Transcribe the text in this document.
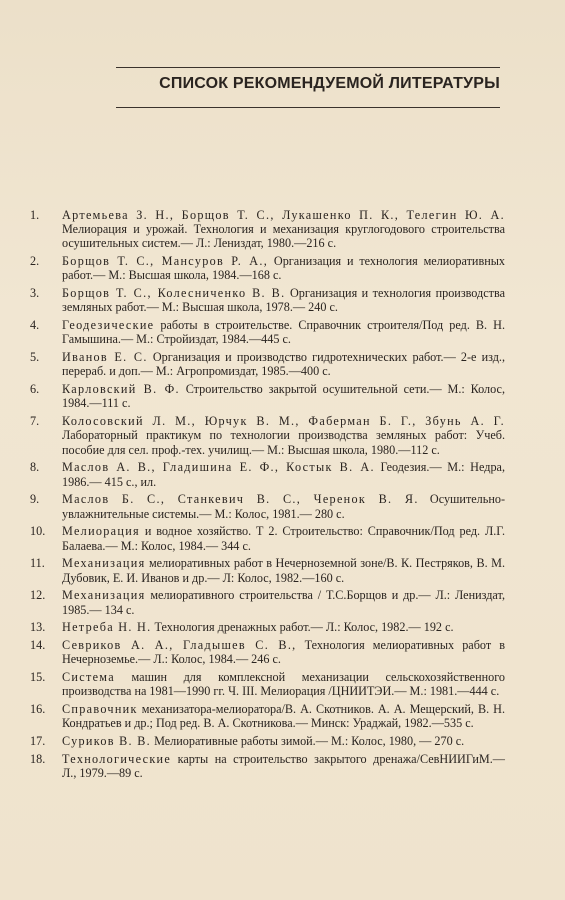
СПИСОК РЕКОМЕНДУЕМОЙ ЛИТЕРАТУРЫ
1. Артемьева З. Н., Борщов Т. С., Лукашенко П. К., Телегин Ю. А. Мелиорация и урожай. Технология и механизация круглогодового строительства осушительных систем.— Л.: Лениздат, 1980.—216 с.
2. Борщов Т. С., Мансуров Р. А., Организация и технология мелиоративных работ.— М.: Высшая школа, 1984.—168 с.
3. Борщов Т. С., Колесниченко В. В. Организация и технология производства земляных работ.— М.: Высшая школа, 1978.— 240 с.
4. Геодезические работы в строительстве. Справочник строителя/Под ред. В. Н. Гамышина.— М.: Стройиздат, 1984.—445 с.
5. Иванов Е. С. Организация и производство гидротехнических работ.— 2-е изд., перераб. и доп.— М.: Агропромиздат, 1985.—400 с.
6. Карловский В. Ф. Строительство закрытой осушительной сети.— М.: Колос, 1984.—111 с.
7. Колосовский Л. М., Юрчук В. М., Фаберман Б. Г., Збунь А. Г. Лабораторный практикум по технологии производства земляных работ: Учеб. пособие для сел. проф.-тех. училищ.— М.: Высшая школа, 1980.—112 с.
8. Маслов А. В., Гладишина Е. Ф., Костык В. А. Геодезия.— М.: Недра, 1986.— 415 с., ил.
9. Маслов Б. С., Станкевич В. С., Черенок В. Я. Осушительно-увлажнительные системы.— М.: Колос, 1981.— 280 с.
10. Мелиорация и водное хозяйство. Т 2. Строительство: Справочник/Под ред. Л.Г. Балаева.— М.: Колос, 1984.— 344 с.
11. Механизация мелиоративных работ в Нечерноземной зоне/В. К. Пестряков, В. М. Дубовик, Е. И. Иванов и др.— Л: Колос, 1982.—160 с.
12. Механизация мелиоративного строительства / Т.С.Борщов и др.— Л.: Лениздат, 1985.— 134 с.
13. Нетреба Н. Н. Технология дренажных работ.— Л.: Колос, 1982.— 192 с.
14. Севриков А. А., Гладышев С. В., Технология мелиоративных работ в Нечерноземье.— Л.: Колос, 1984.— 246 с.
15. Система машин для комплексной механизации сельскохозяйственного производства на 1981—1990 гг. Ч. III. Мелиорация /ЦНИИТЭИ.— М.: 1981.—444 с.
16. Справочник механизатора-мелиоратора/В. А. Скотников. А. А. Мещерский, В. Н. Кондратьев и др.; Под ред. В. А. Скотникова.— Минск: Ураджай, 1982.—535 с.
17. Суриков В. В. Мелиоративные работы зимой.— М.: Колос, 1980, — 270 с.
18. Технологические карты на строительство закрытого дренажа/СевНИИГиМ.— Л., 1979.—89 с.
